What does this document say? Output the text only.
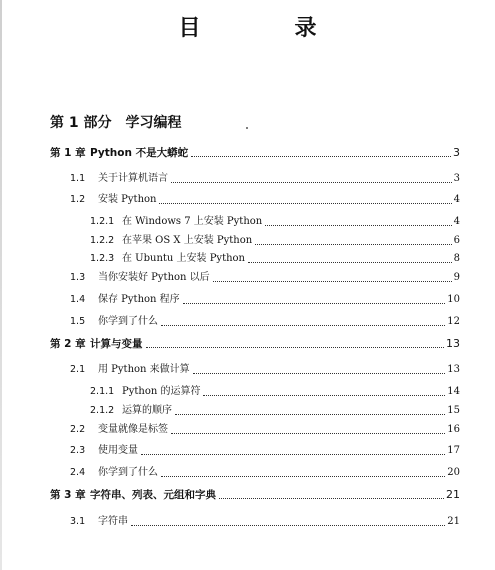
目　录
第 1 部分 学习编程
第 1 章 Python 不是大蟒蛇	3
1.1	关于计算机语言	3
1.2	安装 Python	4
1.2.1 在 Windows 7 上安装 Python	4
1.2.2 在苹果 OS X 上安装 Python	6
1.2.3 在 Ubuntu 上安装 Python	8
1.3	当你安装好 Python 以后	9
1.4	保存 Python 程序	10
1.5	你学到了什么	12
第 2 章 计算与变量	13
2.1	用 Python 来做计算	13
2.1.1 Python 的运算符	14
2.1.2 运算的顺序	15
2.2	变量就像是标签	16
2.3	使用变量	17
2.4	你学到了什么	20
第 3 章 字符串、列表、元组和字典	21
3.1	字符串	21
